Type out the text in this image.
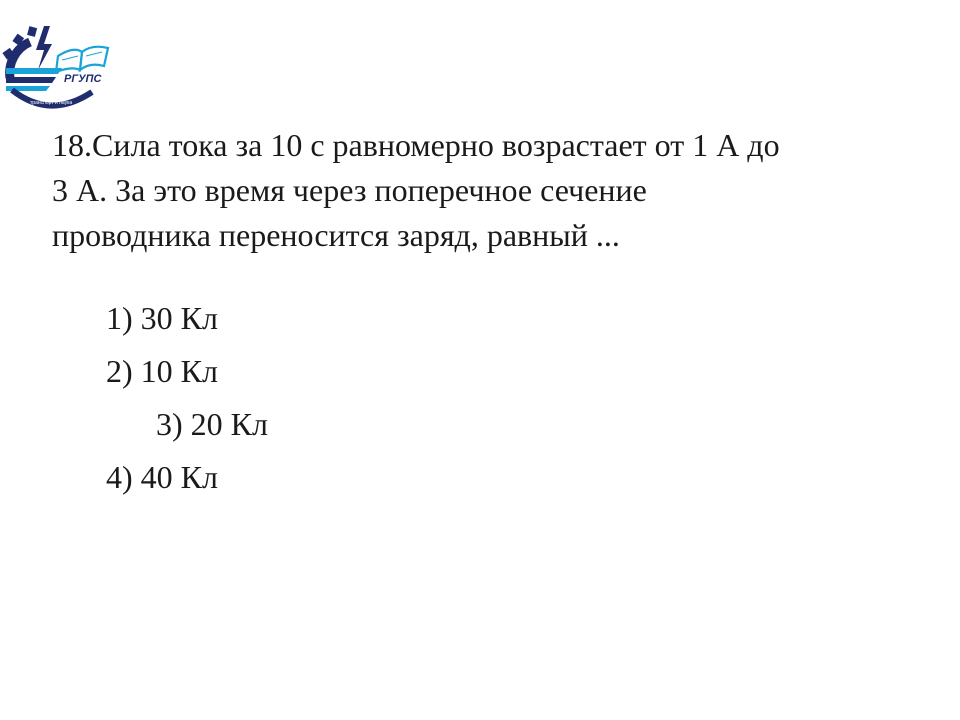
РГУПС
транспорт и наука

18.Сила тока за 10 с равномерно возрастает от 1 А до
3 А. За это время через поперечное сечение
проводника переносится заряд, равный ...

1) 30 Кл
2) 10 Кл
3) 20 Кл
4) 40 Кл
